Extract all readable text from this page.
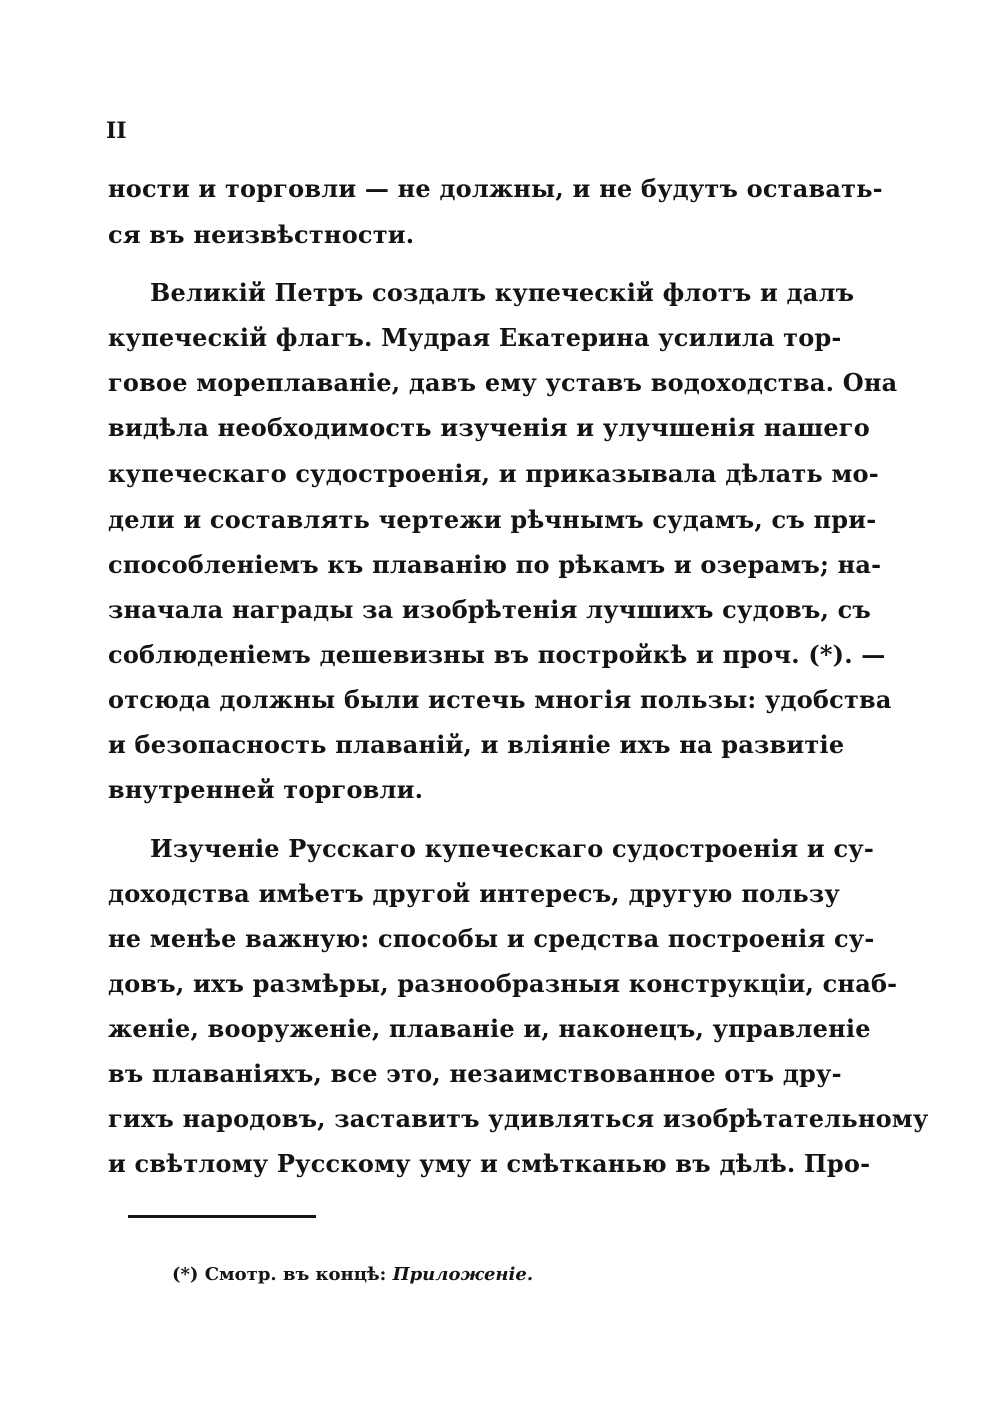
II
ности и торговли — не должны, и не будутъ оставать-
ся въ неизвѣстности.
Великій Петръ создалъ купеческій флотъ и далъ
купеческій флагъ. Мудрая Екатерина усилила тор-
говое мореплаваніе, давъ ему уставъ водоходства. Она
видѣла необходимость изученія и улучшенія нашего
купеческаго судостроенія, и приказывала дѣлать мо-
дели и составлять чертежи рѣчнымъ судамъ, съ при-
способленіемъ къ плаванію по рѣкамъ и озерамъ; на-
значала награды за изобрѣтенія лучшихъ судовъ, съ
соблюденіемъ дешевизны въ постройкѣ и проч. (*). —
отсюда должны были истечь многія пользы: удобства
и безопасность плаваній, и вліяніе ихъ на развитіе
внутренней торговли.
Изученіе Русскаго купеческаго судостроенія и су-
доходства имѣетъ другой интересъ, другую пользу
не менѣе важную: способы и средства построенія су-
довъ, ихъ размѣры, разнообразныя конструкціи, снаб-
женіе, вооруженіе, плаваніе и, наконецъ, управленіе
въ плаваніяхъ, все это, незаимствованное отъ дру-
гихъ народовъ, заставитъ удивляться изобрѣтательному
и свѣтлому Русскому уму и смѣтканью въ дѣлѣ. Про-
(*) Смотр. въ концѣ: Приложеніе.
